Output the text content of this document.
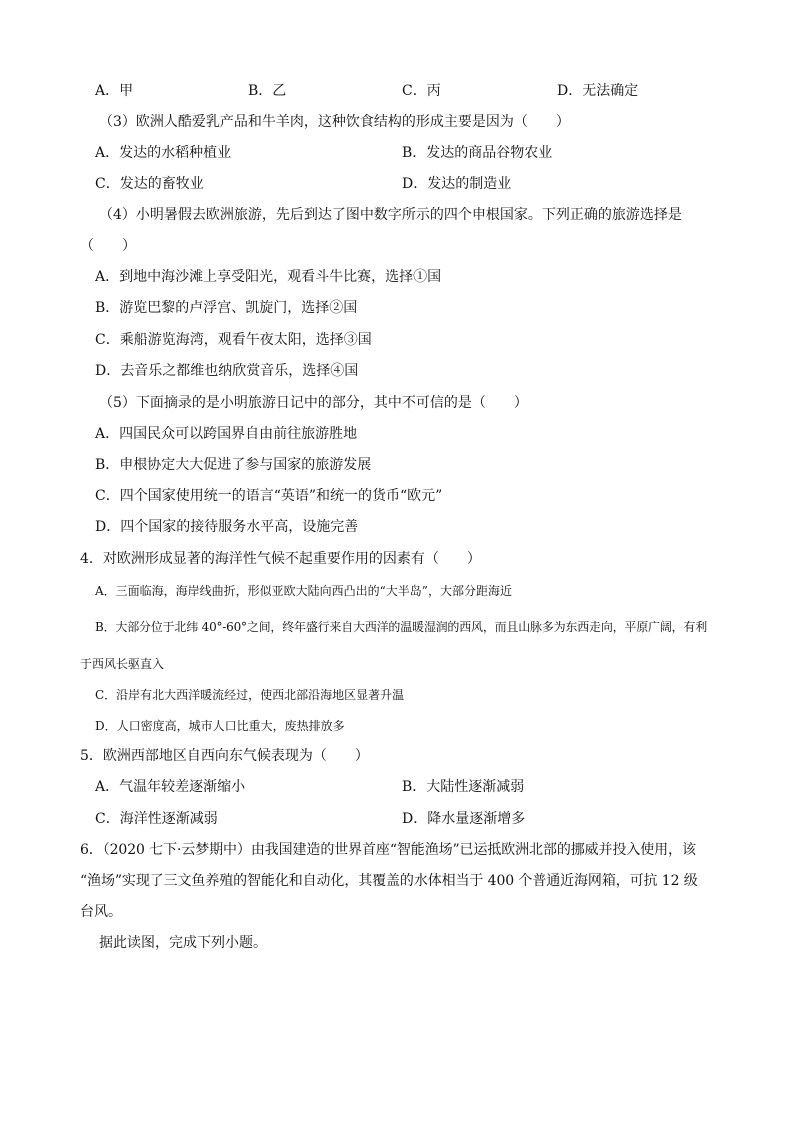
A．甲	B．乙	C．丙	D．无法确定
（3）欧洲人酷爱乳产品和牛羊肉，这种饮食结构的形成主要是因为（　　）
A．发达的水稻种植业	B．发达的商品谷物农业
C．发达的畜牧业	D．发达的制造业
（4）小明暑假去欧洲旅游，先后到达了图中数字所示的四个申根国家。下列正确的旅游选择是
（　　）
A．到地中海沙滩上享受阳光，观看斗牛比赛，选择①国
B．游览巴黎的卢浮宫、凯旋门，选择②国
C．乘船游览海湾，观看午夜太阳，选择③国
D．去音乐之都维也纳欣赏音乐，选择④国
（5）下面摘录的是小明旅游日记中的部分，其中不可信的是（　　）
A．四国民众可以跨国界自由前往旅游胜地
B．申根协定大大促进了参与国家的旅游发展
C．四个国家使用统一的语言“英语”和统一的货币“欧元”
D．四个国家的接待服务水平高，设施完善
4．对欧洲形成显著的海洋性气候不起重要作用的因素有（　　）
A．三面临海，海岸线曲折，形似亚欧大陆向西凸出的“大半岛”，大部分距海近
B．大部分位于北纬 40°-60°之间，终年盛行来自大西洋的温暖湿润的西风，而且山脉多为东西走向，平原广阔，有利
于西风长驱直入
C．沿岸有北大西洋暖流经过，使西北部沿海地区显著升温
D．人口密度高，城市人口比重大，废热排放多
5．欧洲西部地区自西向东气候表现为（　　）
A．气温年较差逐渐缩小	B．大陆性逐渐减弱
C．海洋性逐渐减弱	D．降水量逐渐增多
6．（2020 七下·云梦期中）由我国建造的世界首座“智能渔场”已运抵欧洲北部的挪威并投入使用，该
“渔场”实现了三文鱼养殖的智能化和自动化，其覆盖的水体相当于 400 个普通近海网箱，可抗 12 级
台风。
据此读图，完成下列小题。
